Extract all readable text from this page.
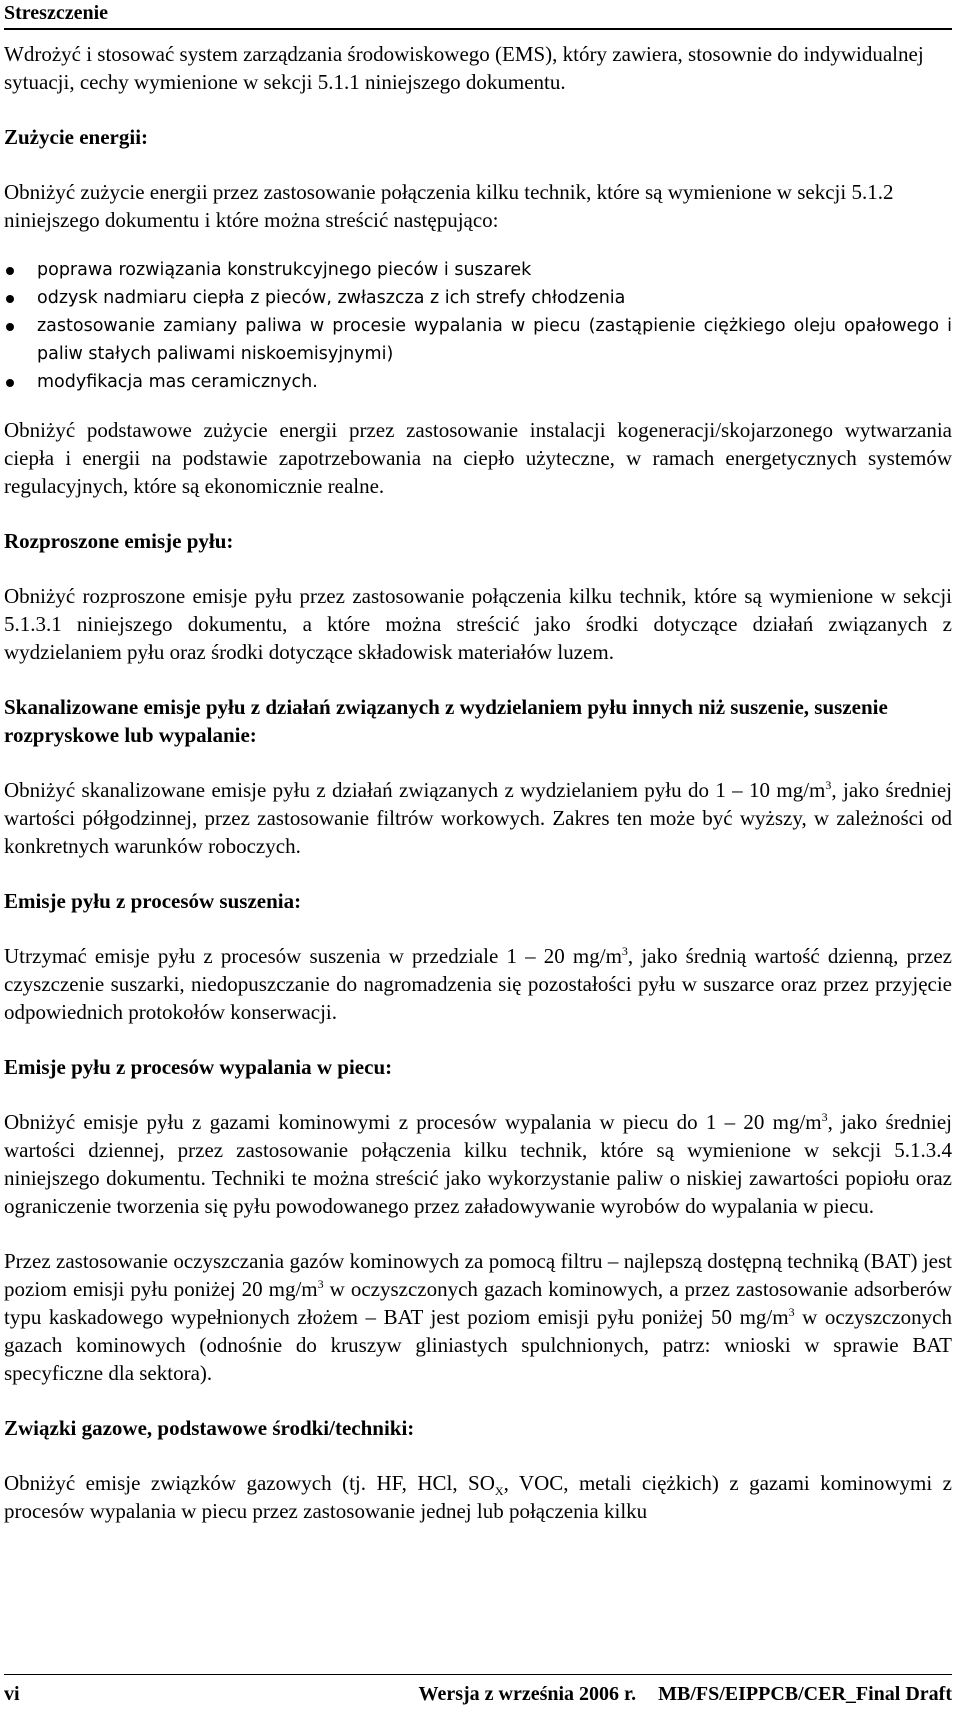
Streszczenie

Wdrożyć i stosować system zarządzania środowiskowego (EMS), który zawiera, stosownie do indywidualnej sytuacji, cechy wymienione w sekcji 5.1.1 niniejszego dokumentu.

Zużycie energii:

Obniżyć zużycie energii przez zastosowanie połączenia kilku technik, które są wymienione w sekcji 5.1.2 niniejszego dokumentu i które można streścić następująco:

poprawa rozwiązania konstrukcyjnego pieców i suszarek
odzysk nadmiaru ciepła z pieców, zwłaszcza z ich strefy chłodzenia
zastosowanie zamiany paliwa w procesie wypalania w piecu (zastąpienie ciężkiego oleju opałowego i paliw stałych paliwami niskoemisyjnymi)
modyfikacja mas ceramicznych.

Obniżyć podstawowe zużycie energii przez zastosowanie instalacji kogeneracji/skojarzonego wytwarzania ciepła i energii na podstawie zapotrzebowania na ciepło użyteczne, w ramach energetycznych systemów regulacyjnych, które są ekonomicznie realne.

Rozproszone emisje pyłu:

Obniżyć rozproszone emisje pyłu przez zastosowanie połączenia kilku technik, które są wymienione w sekcji 5.1.3.1 niniejszego dokumentu, a które można streścić jako środki dotyczące działań związanych z wydzielaniem pyłu oraz środki dotyczące składowisk materiałów luzem.

Skanalizowane emisje pyłu z działań związanych z wydzielaniem pyłu innych niż suszenie, suszenie rozpryskowe lub wypalanie:

Obniżyć skanalizowane emisje pyłu z działań związanych z wydzielaniem pyłu do 1 – 10 $mg/m^3$, jako średniej wartości półgodzinnej, przez zastosowanie filtrów workowych. Zakres ten może być wyższy, w zależności od konkretnych warunków roboczych.

Emisje pyłu z procesów suszenia:

Utrzymać emisje pyłu z procesów suszenia w przedziale 1 – 20 $mg/m^3$, jako średnią wartość dzienną, przez czyszczenie suszarki, niedopuszczanie do nagromadzenia się pozostałości pyłu w suszarce oraz przez przyjęcie odpowiednich protokołów konserwacji.

Emisje pyłu z procesów wypalania w piecu:

Obniżyć emisje pyłu z gazami kominowymi z procesów wypalania w piecu do 1 – 20 $mg/m^3$, jako średniej wartości dziennej, przez zastosowanie połączenia kilku technik, które są wymienione w sekcji 5.1.3.4 niniejszego dokumentu. Techniki te można streścić jako wykorzystanie paliw o niskiej zawartości popiołu oraz ograniczenie tworzenia się pyłu powodowanego przez załadowywanie wyrobów do wypalania w piecu.

Przez zastosowanie oczyszczania gazów kominowych za pomocą filtru – najlepszą dostępną techniką (BAT) jest poziom emisji pyłu poniżej 20 $mg/m^3$ w oczyszczonych gazach kominowych, a przez zastosowanie adsorberów typu kaskadowego wypełnionych złożem – BAT jest poziom emisji pyłu poniżej 50 $mg/m^3$ w oczyszczonych gazach kominowych (odnośnie do kruszyw gliniastych spulchnionych, patrz: wnioski w sprawie BAT specyficzne dla sektora).

Związki gazowe, podstawowe środki/techniki:

Obniżyć emisje związków gazowych (tj. HF, HCl, $SO_X$, VOC, metali ciężkich) z gazami kominowymi z procesów wypalania w piecu przez zastosowanie jednej lub połączenia kilku

vi	Wersja z września 2006 r. MB/FS/EIPPCB/CER_Final Draft
